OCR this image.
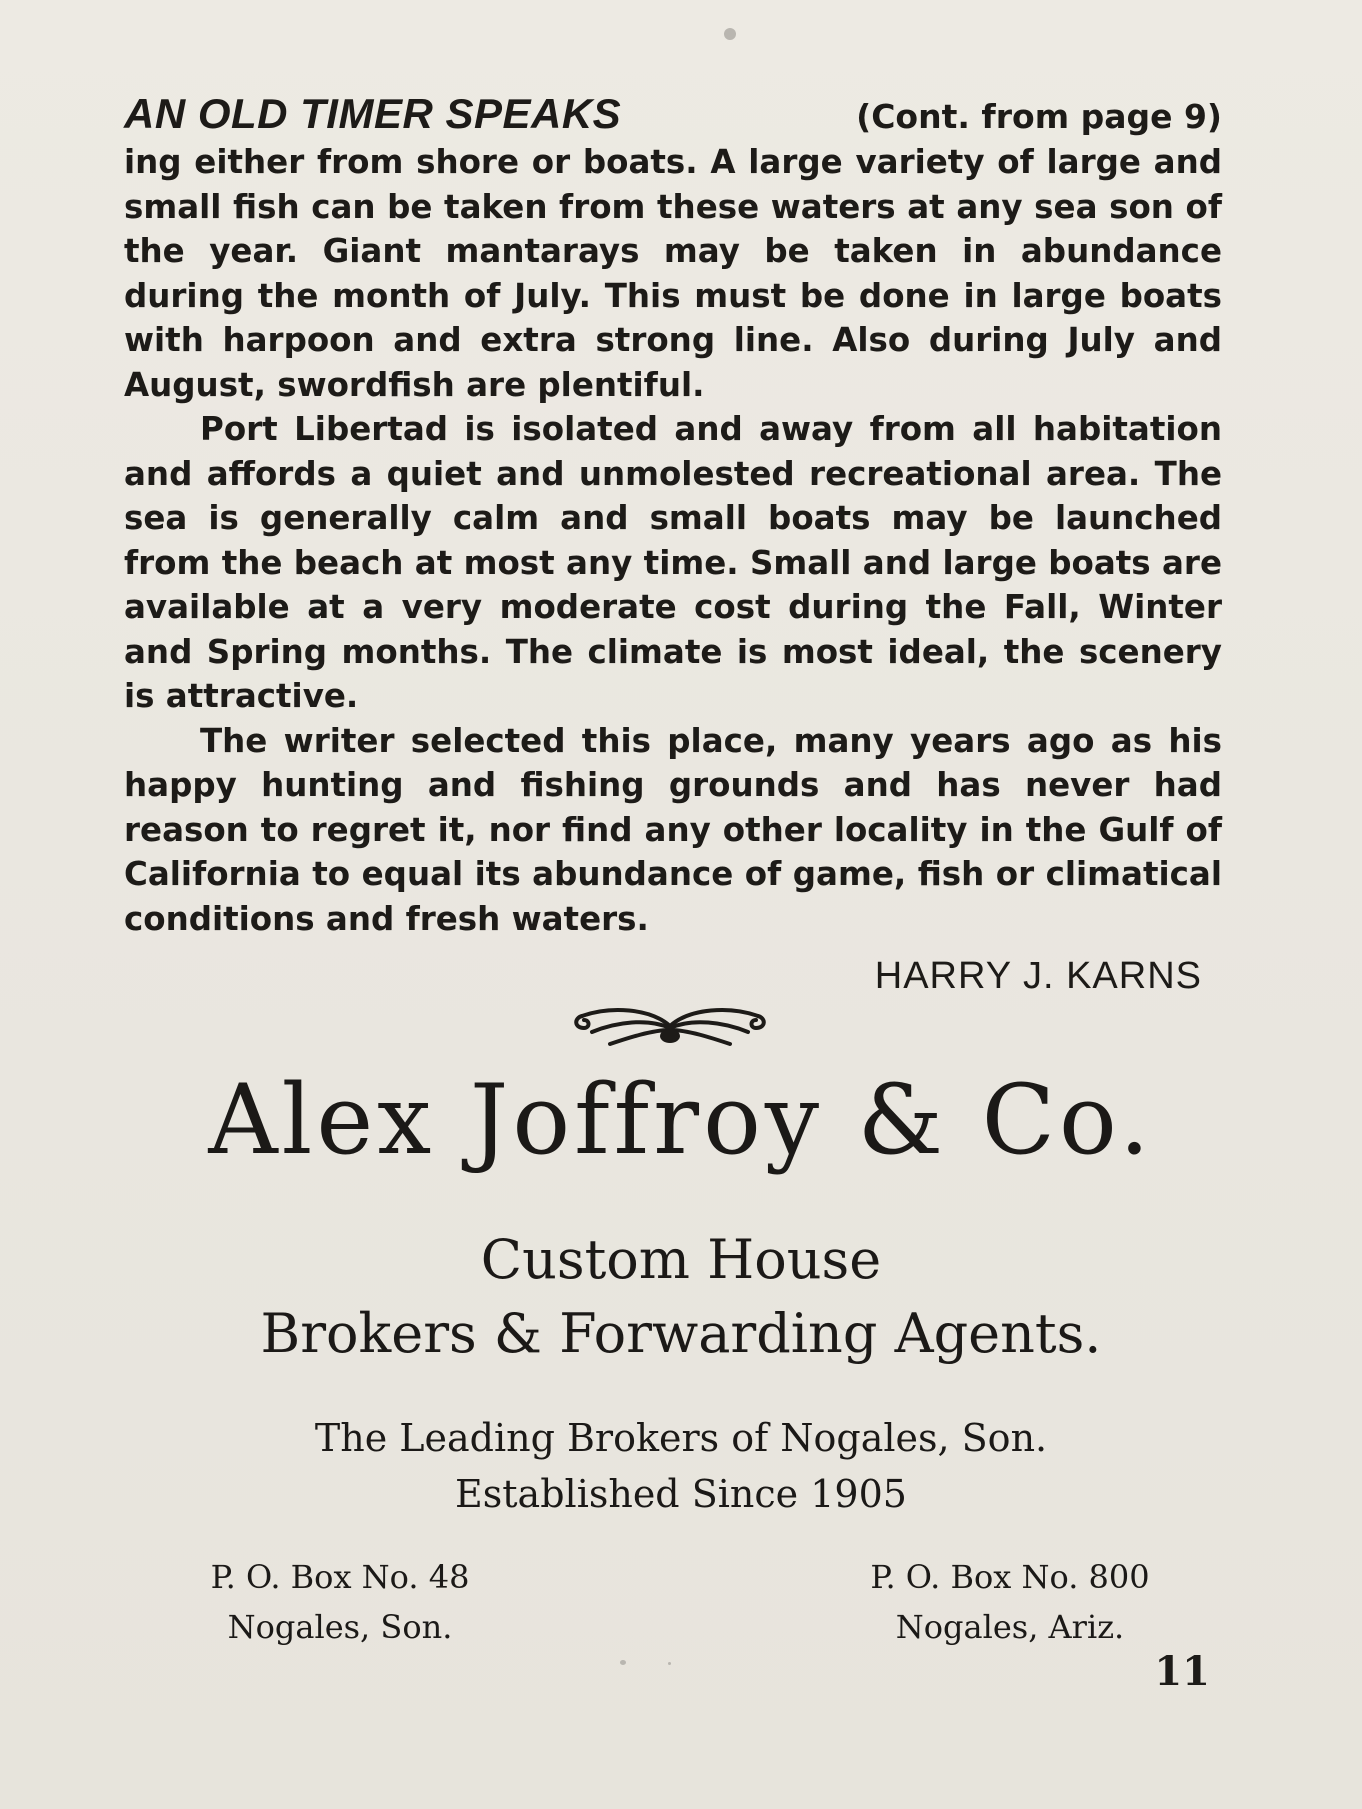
AN OLD TIMER SPEAKS	(Cont. from page 9)

ing either from shore or boats. A large variety of large and small fish can be taken from these waters at any sea son of the year. Giant mantarays may be taken in abundance during the month of July. This must be done in large boats with harpoon and extra strong line. Also during July and August, swordfish are plentiful.

Port Libertad is isolated and away from all habitation and affords a quiet and unmolested recreational area. The sea is generally calm and small boats may be launched from the beach at most any time. Small and large boats are available at a very moderate cost during the Fall, Winter and Spring months. The climate is most ideal, the scenery is attractive.

The writer selected this place, many years ago as his happy hunting and fishing grounds and has never had reason to regret it, nor find any other locality in the Gulf of California to equal its abundance of game, fish or climatical conditions and fresh waters.

HARRY J. KARNS
Alex Joffroy & Co.
Custom House
Brokers & Forwarding Agents.
The Leading Brokers of Nogales, Son.
Established Since 1905
P. O. Box No. 48
Nogales, Son.
P. O. Box No. 800
Nogales, Ariz.
11
